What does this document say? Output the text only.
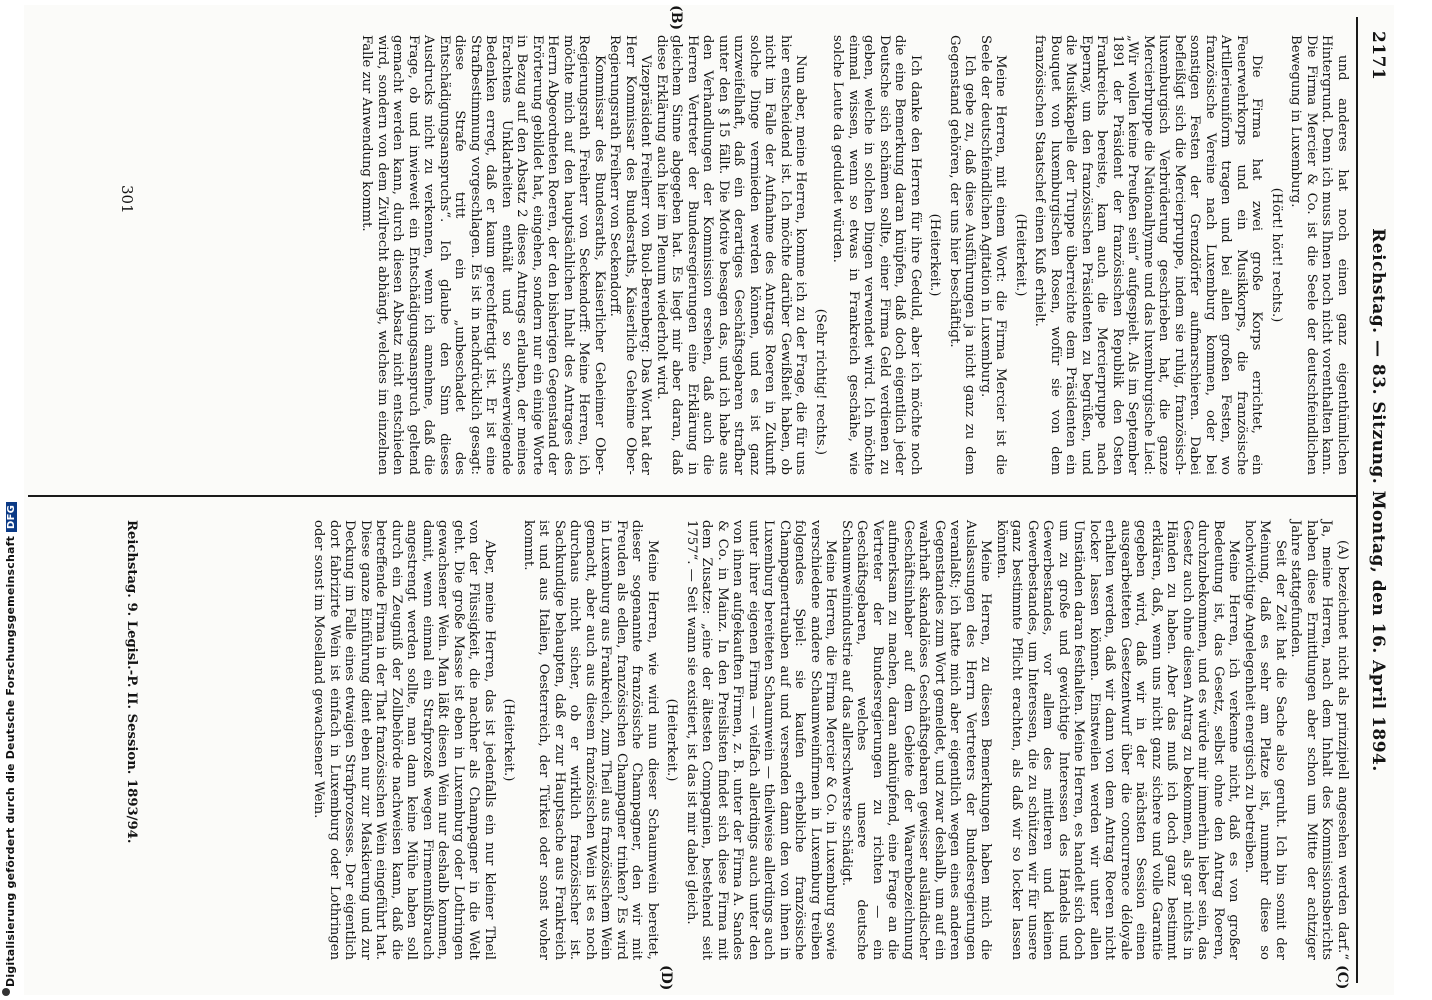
2171
Reichstag. — 83. Sitzung. Montag, den 16. April 1894.
(C)
(D)
(B)

und anderes hat noch einen ganz eigenthümlichen Hintergrund. Denn ich muss Ihnen noch nicht vorenthalten kann. Die Firma Mercier & Co. ist die Seele der deutschfeindlichen Bewegung in Luxemburg.

(Hört! hört! rechts.)

Die Firma hat zwei große Korps errichtet, ein Feuerwehrkorps und ein Musikkorps, die französische Artillerieuniform tragen und bei allen großen Festen, wo französische Vereine nach Luxemburg kommen, oder bei sonstigen Festen der Grenzdörfer aufmarschieren. Dabei befleißigt sich die Mercierpruppe, indem sie ruhig, französisch-luxemburgisch Verbrüderung geschrieben hat, die ganze Mercierbruppe die Nationalhymne und das luxemburgische Lied: „Wir wollen keine Preußen sein“ aufgespielt. Als im September 1891 der Präsident der französischen Republik den Osten Frankreichs bereiste, kam auch die Mercierpruppe nach Epernay, um den französischen Präsidenten zu begrüßen, und die Musikkapelle der Truppe überreichte dem Präsidenten ein Bouquet von luxemburgischen Rosen, wofür sie von dem französischen Staatschef einen Kuß erhielt.

(Heiterkeit.)

Meine Herren, mit einem Wort: die Firma Mercier ist die Seele der deutschfeindlichen Agitation in Luxemburg.

Ich gebe zu, daß diese Ausführungen ja nicht ganz zu dem Gegenstand gehören, der uns hier beschäftigt.

(Heiterkeit.)

Ich danke den Herren für ihre Geduld, aber ich möchte noch die eine Bemerkung daran knüpfen, daß doch eigentlich jeder Deutsche sich schämen sollte, einer Firma Geld verdienen zu geben, welche in solchen Dingen verwendet wird. Ich möchte einmal wissen, wenn so etwas in Frankreich geschähe, wie solche Leute da geduldet würden.

(Sehr richtig! rechts.)

Nun aber, meine Herren, komme ich zu der Frage, die für uns hier entscheidend ist. Ich möchte darüber Gewißheit haben, ob nicht im Falle der Aufnahme des Antrags Roeren in Zukunft solche Dinge vermieden werden können, und es ist ganz unzweifelhaft, daß ein derartiges Geschäftsgebaren strafbar unter den § 15 fällt. Die Motive besagen das, und ich habe aus den Verhandlungen der Kommission ersehen, daß auch die Herren Vertreter der Bundesregierungen eine Erklärung in gleichem Sinne abgegeben hat. Es liegt mir aber daran, daß diese Erklärung auch hier im Plenum wiederholt wird.

Vizepräsident Freiherr von Buol-Berenberg: Das Wort hat der Herr Kommissar des Bundesraths, Kaiserliche Geheime Ober-Regierungsrath Freiherr von Seckendorff.

Kommissar des Bundesraths, Kaiserlicher Geheimer Ober-Regierungsrath Freiherr von Seckendorff: Meine Herren, ich möchte mich auf den hauptsächlichen Inhalt des Antrages des Herrn Abgeordneten Roeren, der den bisherigen Gegenstand der Erörterung gebildet hat, eingehen, sondern nur ein einige Worte in Bezug auf den Absatz 2 dieses Antrags erlauben, der meines Erachtens Unklarheiten enthält und so schwerwiegende Bedenken erregt, daß er kaum gerechtfertigt ist. Er ist eine Strafbestimmung vorgeschlagen. Es ist in nachdrücklich gesagt: diese Strafe tritt ein „unbeschadet des Entschädigungsanspruchs“. Ich glaube den Sinn dieses Ausdrucks nicht zu verkennen, wenn ich annehme, daß die Frage, ob und inwieweit ein Entschädigungsanspruch geltend gemacht werden kann, durch diesen Absatz nicht entschieden wird, sondern von dem Zivilrecht abhängt, welches im einzelnen Falle zur Anwendung kommt.

(A) bezeichnet nicht als prinzipiell angesehen werden darf.“ Ja, meine Herren, nach dem Inhalt des Kommissionsberichts haben diese Ermittlungen aber schon um Mitte der achtziger Jahre stattgefunden.

Seit der Zeit hat die Sache also geruht. Ich bin somit der Meinung, daß es sehr am Platze ist, nunmehr diese so hochwichtige Angelegenheit energisch zu betreiben.

Meine Herren, ich verkenne nicht, daß es von großer Bedeutung ist, das Gesetz, selbst ohne den Antrag Roeren, durchzubekommen, und es würde mir immerhin lieber sein, das Gesetz auch ohne diesen Antrag zu bekommen, als gar nichts in Händen zu haben. Aber das muß ich doch ganz bestimmt erklären, daß, wenn uns nicht ganz sichere und volle Garantie gegeben wird, daß wir in der nächsten Session einen ausgearbeiteten Gesetzentwurf über die concurrence déloyale erhalten werden, daß wir dann von dem Antrag Roeren nicht locker lassen können. Einstweilen werden wir unter allen Umständen daran festhalten. Meine Herren, es handelt sich doch um zu große und gewichtige Interessen des Handels und Gewerbestandes, vor allem des mittleren und kleinen Gewerbestandes, um Interessen, die zu schützen wir für unsere ganz bestimmte Pflicht erachten, als daß wir so locker lassen könnten.

Meine Herren, zu diesen Bemerkungen haben mich die Auslassungen des Herrn Vertreters der Bundesregierungen veranlaßt; ich hatte mich aber eigentlich wegen eines anderen Gegenstandes zum Wort gemeldet, und zwar deshalb, um auf ein wahrhaft skandalöses Geschäftsgebaren gewisser ausländischer Geschäftsinhaber auf dem Gebiete der Waarenbezeichnung aufmerksam zu machen, daran anknüpfend, eine Frage an die Vertreter der Bundesregierungen zu richten — ein Geschäftsgebaren, welches unsere deutsche Schaumweinindustrie auf das allerschwerste schädigt.

Meine Herren, die Firma Mercier & Co. in Luxemburg sowie verschiedene andere Schaumweinfirmen in Luxemburg treiben folgendes Spiel: sie kaufen erhebliche französische Champagnertrauben auf und versenden dann den von ihnen in Luxemburg bereiteten Schaumwein — theilweise allerdings auch unter ihrer eigenen Firma — vielfach allerdings auch unter den von ihnen aufgekauften Firmen, z. B. unter der Firma A. Sandes & Co. in Mainz. In den Preislisten findet sich diese Firma mit dem Zusatze: „eine der ältesten Compagnien, bestehend seit 1757“. — Seit wann sie existiert, ist das ist mir dabei gleich.

(Heiterkeit.)

Meine Herren, wie wird nun dieser Schaumwein bereitet, dieser sogenannte französische Champagner, den wir mit Freuden als edlen, französischen Champagner trinken? Es wird in Luxemburg aus Frankreich, zum Theil aus französischem Wein gemacht, aber auch aus diesem französischen Wein ist es noch durchaus nicht sicher, ob er wirklich französischer ist. Sachkundige behaupten, daß er zur Hauptsache aus Frankreich ist und aus Italien, Oesterreich, der Türkei oder sonst woher kommt.

(Heiterkeit.)

Aber, meine Herren, das ist jedenfalls ein nur kleiner Theil von der Flüssigkeit, die nachher als Champagner in die Welt geht. Die große Masse ist eben in Luxemburg oder Lothringen gewachsener Wein. Man läßt diesen Wein nur deshalb kommen, damit, wenn einmal ein Strafprozeß wegen Firmenmißbrauch angestrengt werden sollte, man dann keine Mühe haben soll durch ein Zeugniß der Zollbehörde nachweisen kann, daß die betreffende Firma in der That französischen Wein eingeführt hat. Diese ganze Einführung dient eben nur zur Maskierung und zur Deckung im Falle eines etwaigen Strafprozesses. Der eigentlich dort fabrizirte Wein ist einfach in Luxemburg oder Lothringen oder sonst im Moselland gewachsener Wein.

Reichstag. 9. Legisl.-P. II. Session. 1893/94.
301
Digitalisierung gefördert durch die Deutsche ForschungsgemeinschaftDFG
